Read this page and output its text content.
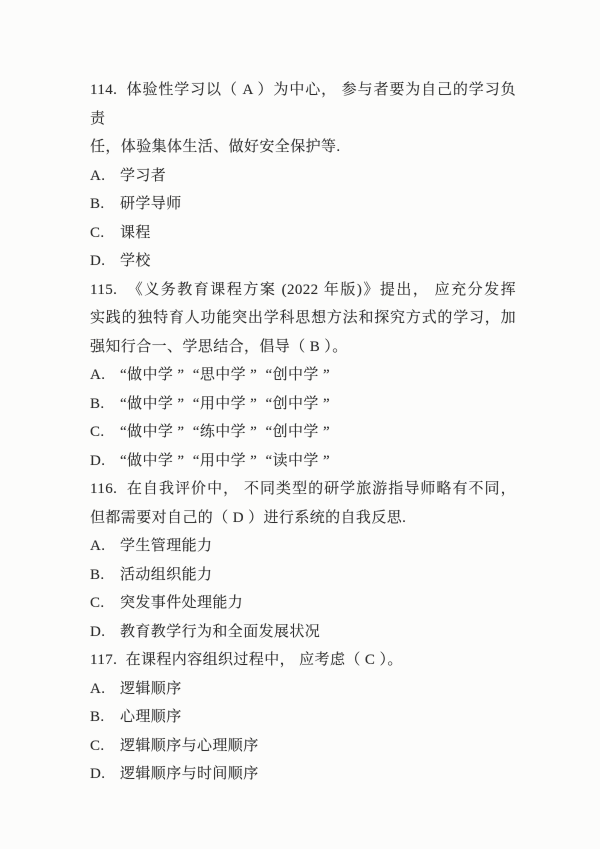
114.  体验性学习以（ A ）为中心， 参与者要为自己的学习负责
任，体验集体生活、做好安全保护等.
A. 学习者
B.	研学导师
C.	课程
D. 学校
115.  《义务教育课程方案 (2022 年版)》提出， 应充分发挥
实践的独特育人功能突出学科思想方法和探究方式的学习，加
强知行合一、学思结合，倡导（ B ）。
A. “做中学 ”  “思中学 ”  “创中学 ”
B.	“做中学 ”  “用中学 ”  “创中学 ”
C.	“做中学 ”  “练中学 ”  “创中学 ”
D. “做中学 ”  “用中学 ”  “读中学 ”
116.  在自我评价中， 不同类型的研学旅游指导师略有不同，
但都需要对自己的（ D ）进行系统的自我反思.
A. 学生管理能力
B.	活动组织能力
C.	突发事件处理能力
D. 教育教学行为和全面发展状况
117.  在课程内容组织过程中， 应考虑（ C ）。
A. 逻辑顺序
B.	心理顺序
C.	逻辑顺序与心理顺序
D. 逻辑顺序与时间顺序
